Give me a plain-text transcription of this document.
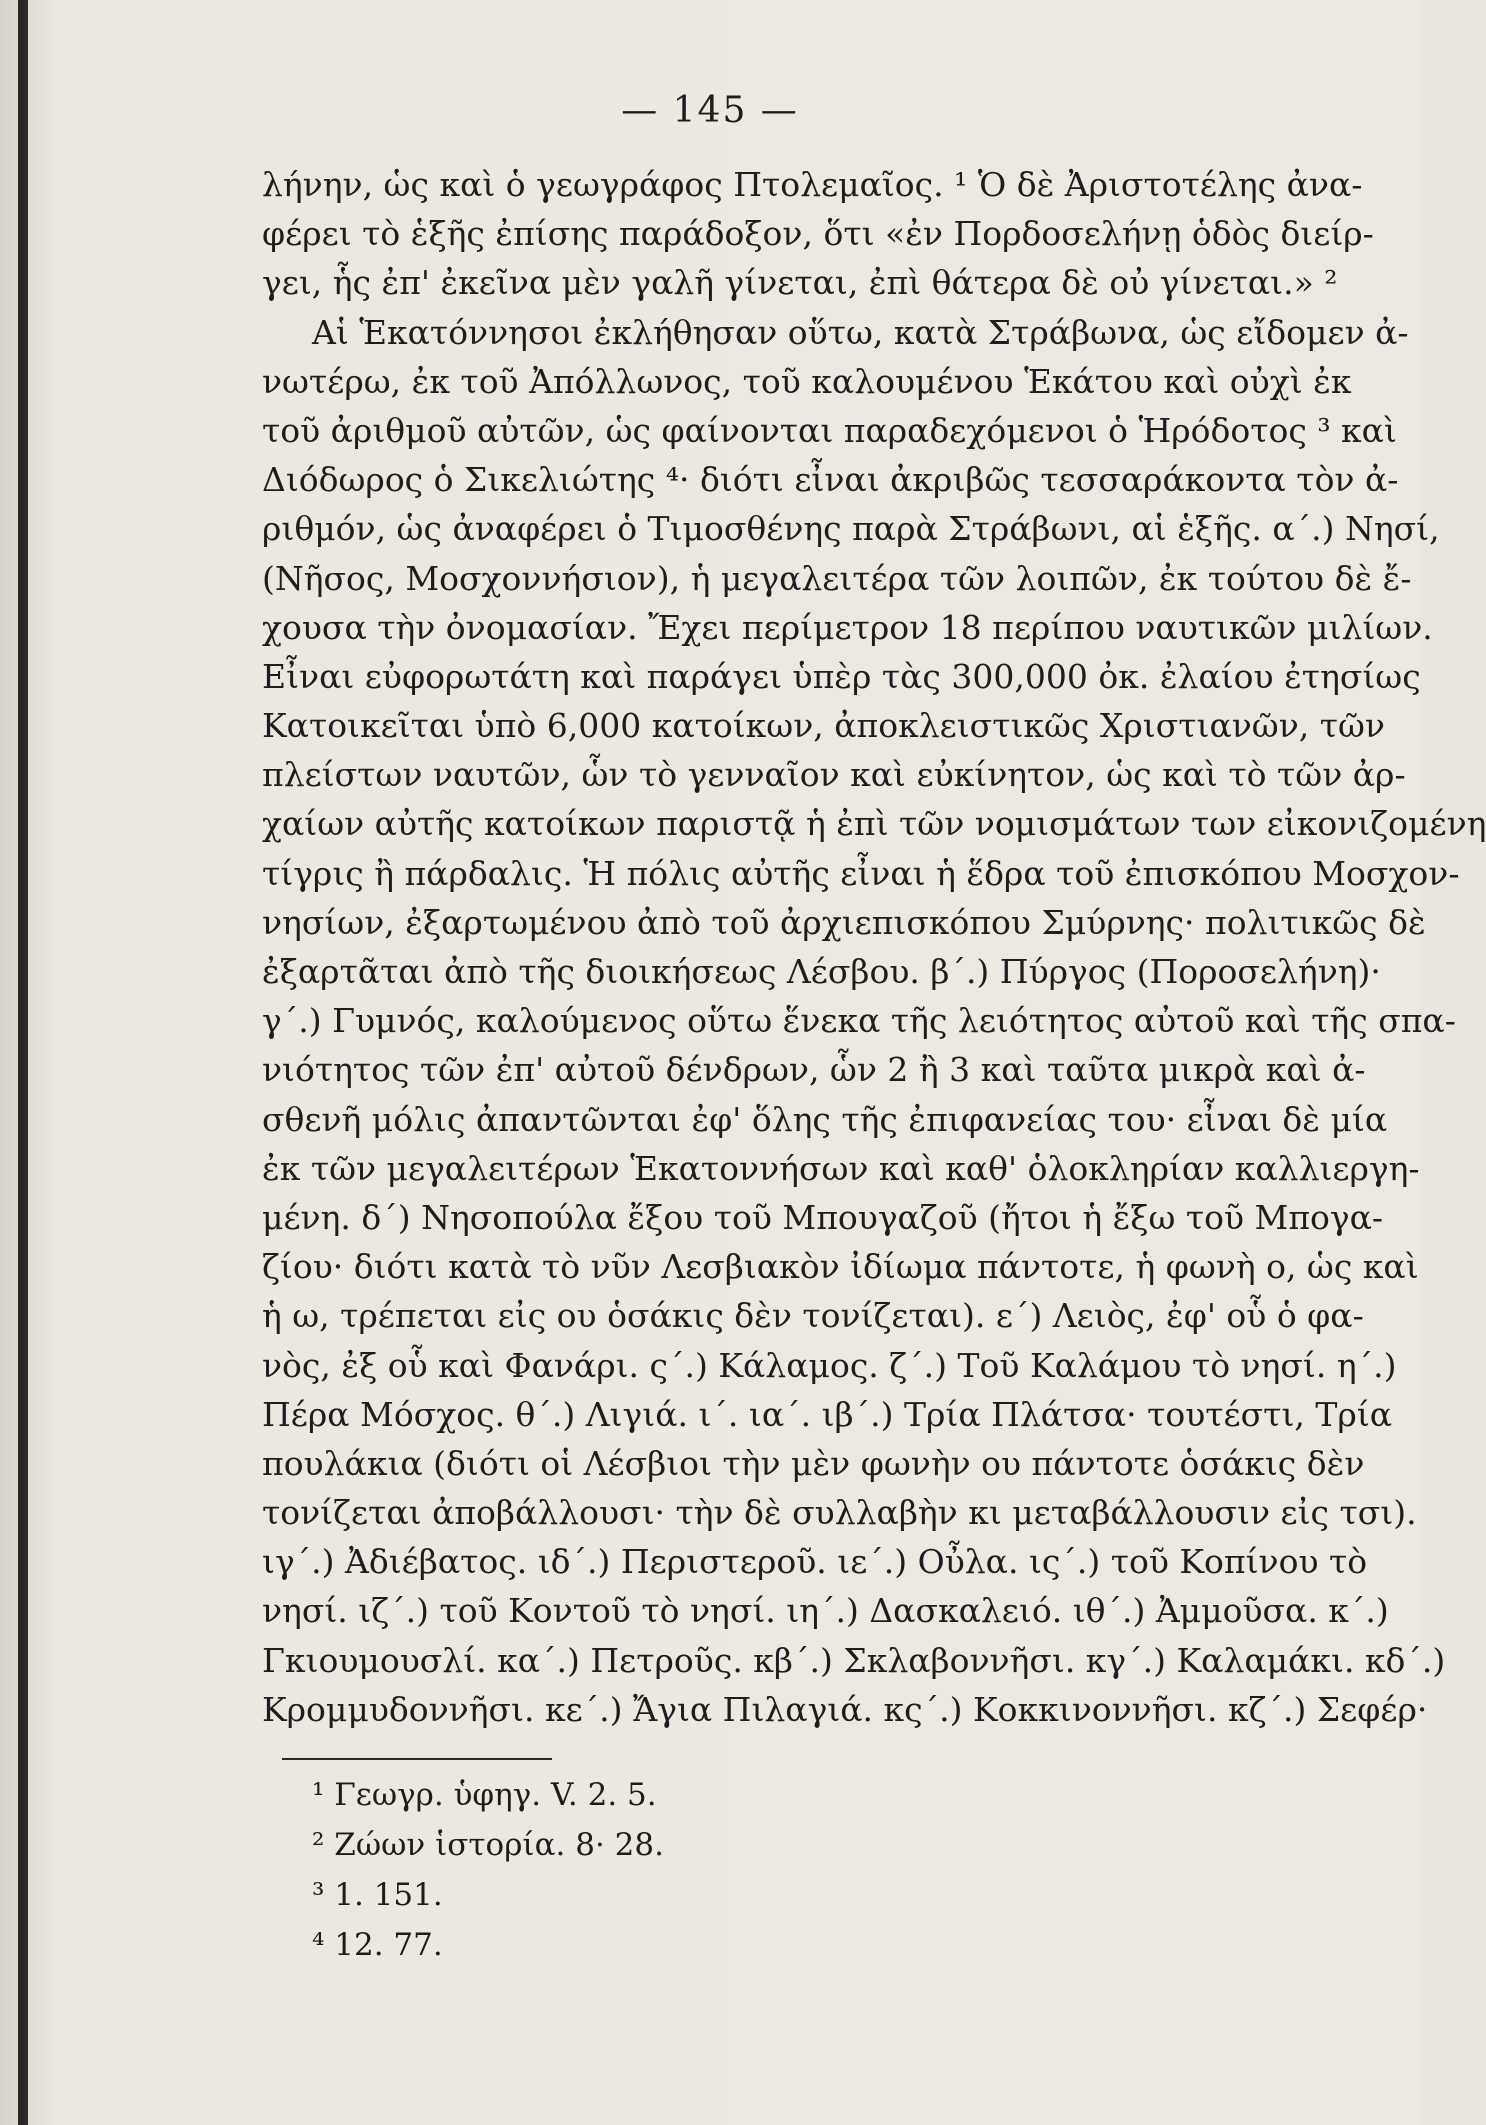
— 145 —
λήνην, ὡς καὶ ὁ γεωγράφος Πτολεμαῖος. ¹ Ὁ δὲ Ἀριστοτέλης ἀνα-
φέρει τὸ ἑξῆς ἐπίσης παράδοξον, ὅτι «ἐν Πορδοσελήνῃ ὁδὸς διείρ-
γει, ἧς ἐπ' ἐκεῖνα μὲν γαλῆ γίνεται, ἐπὶ θάτερα δὲ οὐ γίνεται.» ²
Αἱ Ἑκατόννησοι ἐκλήθησαν οὕτω, κατὰ Στράβωνα, ὡς εἴδομεν ἀ-
νωτέρω, ἐκ τοῦ Ἀπόλλωνος, τοῦ καλουμένου Ἑκάτου καὶ οὐχὶ ἐκ
τοῦ ἀριθμοῦ αὐτῶν, ὡς φαίνονται παραδεχόμενοι ὁ Ἡρόδοτος ³ καὶ
Διόδωρος ὁ Σικελιώτης ⁴· διότι εἶναι ἀκριβῶς τεσσαράκοντα τὸν ἀ-
ριθμόν, ὡς ἀναφέρει ὁ Τιμοσθένης παρὰ Στράβωνι, αἱ ἑξῆς. α΄.) Νησί,
(Νῆσος, Μοσχοννήσιον), ἡ μεγαλειτέρα τῶν λοιπῶν, ἐκ τούτου δὲ ἔ-
χουσα τὴν ὀνομασίαν. Ἔχει περίμετρον 18 περίπου ναυτικῶν μιλίων.
Εἶναι εὐφορωτάτη καὶ παράγει ὑπὲρ τὰς 300,000 ὀκ. ἐλαίου ἐτησίως
Κατοικεῖται ὑπὸ 6,000 κατοίκων, ἀποκλειστικῶς Χριστιανῶν, τῶν
πλείστων ναυτῶν, ὧν τὸ γενναῖον καὶ εὐκίνητον, ὡς καὶ τὸ τῶν ἀρ-
χαίων αὐτῆς κατοίκων παριστᾷ ἡ ἐπὶ τῶν νομισμάτων των εἰκονιζομένη
τίγρις ἢ πάρδαλις. Ἡ πόλις αὐτῆς εἶναι ἡ ἕδρα τοῦ ἐπισκόπου Μοσχον-
νησίων, ἐξαρτωμένου ἀπὸ τοῦ ἀρχιεπισκόπου Σμύρνης· πολιτικῶς δὲ
ἐξαρτᾶται ἀπὸ τῆς διοικήσεως Λέσβου. β΄.) Πύργος (Πορoσελήνη)·
γ΄.) Γυμνός, καλούμενος οὕτω ἕνεκα τῆς λειότητος αὐτοῦ καὶ τῆς σπα-
νιότητος τῶν ἐπ' αὐτοῦ δένδρων, ὧν 2 ἢ 3 καὶ ταῦτα μικρὰ καὶ ἀ-
σθενῆ μόλις ἀπαντῶνται ἐφ' ὅλης τῆς ἐπιφανείας του· εἶναι δὲ μία
ἐκ τῶν μεγαλειτέρων Ἑκατοννήσων καὶ καθ' ὁλοκληρίαν καλλιεργη-
μένη. δ΄) Νησοπούλα ἔξου τοῦ Μπουγαζοῦ (ἤτοι ἡ ἔξω τοῦ Μπογα-
ζίου· διότι κατὰ τὸ νῦν Λεσβιακὸν ἰδίωμα πάντοτε, ἡ φωνὴ ο, ὡς καὶ
ἡ ω, τρέπεται εἰς ου ὁσάκις δὲν τονίζεται). ε΄) Λειὸς, ἐφ' οὗ ὁ φα-
νὸς, ἐξ οὗ καὶ Φανάρι. ς΄.) Κάλαμος. ζ΄.) Τοῦ Καλάμου τὸ νησί. η΄.)
Πέρα Μόσχος. θ΄.) Λιγιά. ι΄. ια΄. ιβ΄.) Τρία Πλάτσα· τουτέστι, Τρία
πουλάκια (διότι οἱ Λέσβιοι τὴν μὲν φωνὴν ου πάντοτε ὁσάκις δὲν
τονίζεται ἀποβάλλουσι· τὴν δὲ συλλαβὴν κι μεταβάλλουσιν εἰς τσι).
ιγ΄.) Ἀδιέβατος. ιδ΄.) Περιστεροῦ. ιε΄.) Οὖλα. ις΄.) τοῦ Κοπίνου τὸ
νησί. ιζ΄.) τοῦ Κοντοῦ τὸ νησί. ιη΄.) Δασκαλειό. ιθ΄.) Ἀμμοῦσα. κ΄.)
Γκιουμουσλί. κα΄.) Πετροῦς. κβ΄.) Σκλαβοννῆσι. κγ΄.) Καλαμάκι. κδ΄.)
Κρομμυδοννῆσι. κε΄.) Ἄγια Πιλαγιά. κς΄.) Κοκκινοννῆσι. κζ΄.) Σεφέρ·
¹ Γεωγρ. ὑφηγ. V. 2. 5.
² Ζώων ἱστορία. 8· 28.
³ 1. 151.
⁴ 12. 77.
